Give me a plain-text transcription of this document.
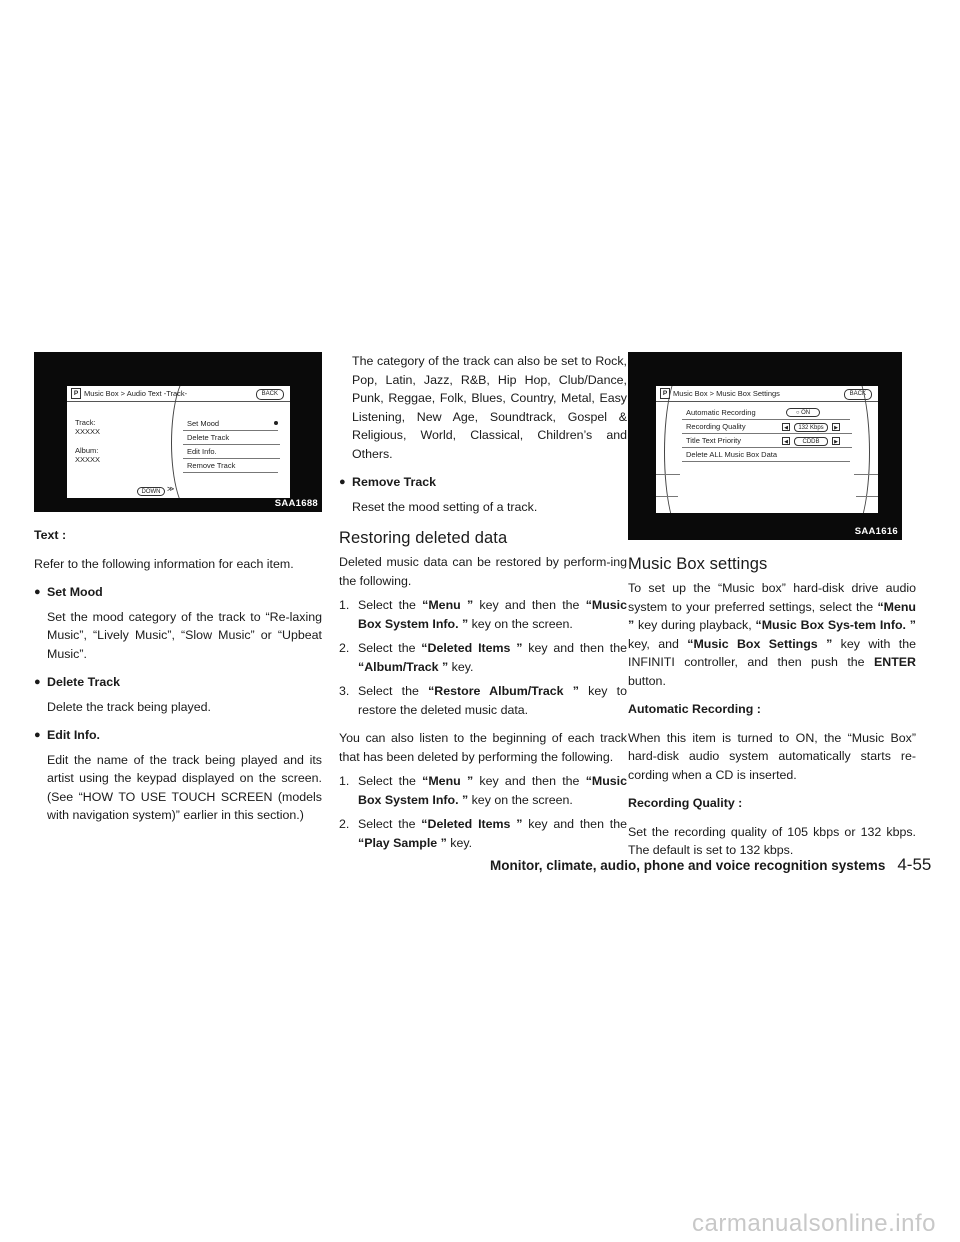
P Music Box > Audio Text -Track-	BACK
Track:
XXXXX
Album:
XXXXX
Set Mood
Delete Track
Edit Info.
Remove Track
DOWN ≫
SAA1688

Text :

Refer to the following information for each item.

● Set Mood

Set the mood category of the track to “Re-laxing Music”, “Lively Music”, “Slow Music” or “Upbeat Music”.

● Delete Track

Delete the track being played.

● Edit Info.

Edit the name of the track being played and its artist using the keypad displayed on the screen. (See “HOW TO USE TOUCH SCREEN (models with navigation system)” earlier in this section.)

The category of the track can also be set to Rock, Pop, Latin, Jazz, R&B, Hip Hop, Club/Dance, Punk, Reggae, Folk, Blues, Country, Metal, Easy Listening, New Age, Soundtrack, Gospel & Religious, World, Classical, Children’s and Others.

● Remove Track

Reset the mood setting of a track.

Restoring deleted data

Deleted music data can be restored by perform-ing the following.

1. Select the “Menu ” key and then the “Music Box System Info. ” key on the screen.

2. Select the “Deleted Items ” key and then the “Album/Track ” key.

3. Select the “Restore Album/Track ” key to restore the deleted music data.

You can also listen to the beginning of each track that has been deleted by performing the following.

1. Select the “Menu ” key and then the “Music Box System Info. ” key on the screen.

2. Select the “Deleted Items ” key and then the “Play Sample ” key.

P Music Box > Music Box Settings	BACK
Automatic Recording	○ ON
Recording Quality	◀	132 Kbps	▶
Title Text Priority	◀	CDDB	▶
Delete ALL Music Box Data
SAA1616
Music Box settings

To set up the “Music box” hard-disk drive audio system to your preferred settings, select the “Menu ” key during playback, “Music Box Sys-tem Info. ” key, and “Music Box Settings ” key with the INFINITI controller, and then push the ENTER button.

Automatic Recording :

When this item is turned to ON, the “Music Box” hard-disk audio system automatically starts re-cording when a CD is inserted.

Recording Quality :

Set the recording quality of 105 kbps or 132 kbps. The default is set to 132 kbps.

Monitor, climate, audio, phone and voice recognition systems 4-55
carmanualsonline.info
